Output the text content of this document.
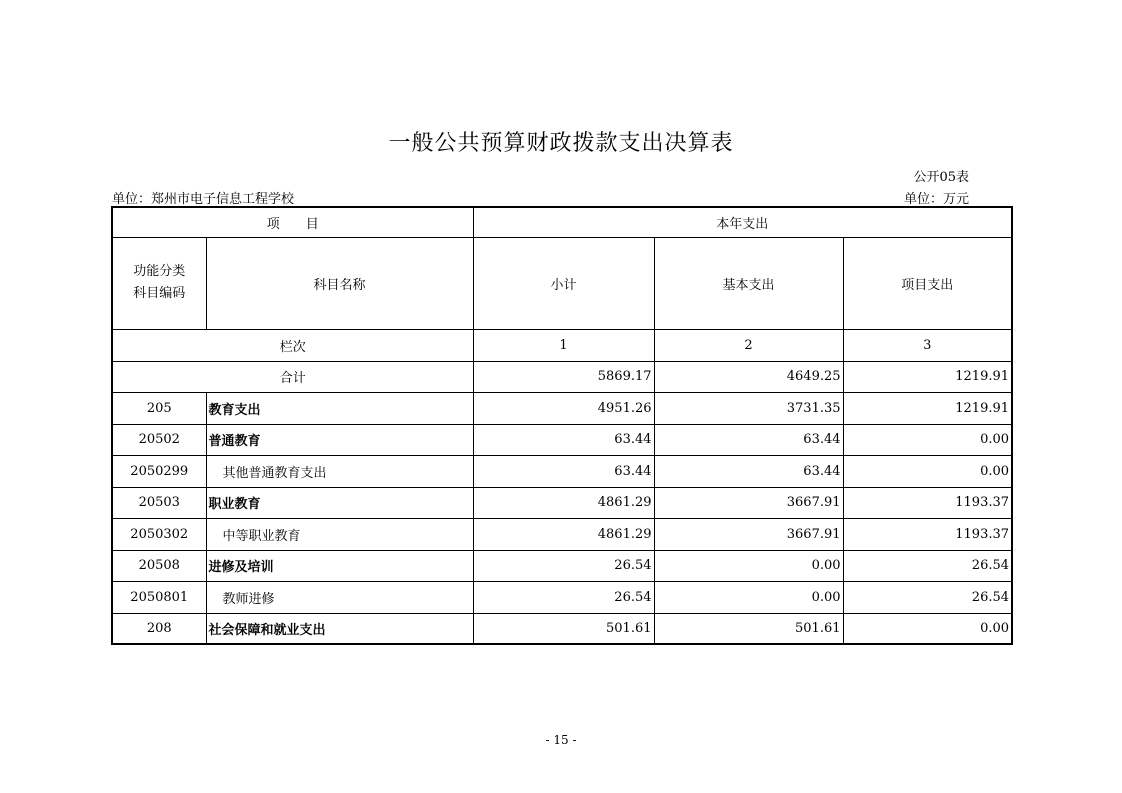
一般公共预算财政拨款支出决算表
公开05表
单位：郑州市电子信息工程学校	单位：万元
项　　目		本年支出		

功能分类
科目编码	科目名称	小计	基本支出	项目支出
栏次		1	2	3
合计		5869.17	4649.25	1219.91
205	教育支出	4951.26	3731.35	1219.91
20502	普通教育	63.44	63.44	0.00
2050299	其他普通教育支出	63.44	63.44	0.00
20503	职业教育	4861.29	3667.91	1193.37
2050302	中等职业教育	4861.29	3667.91	1193.37
20508	进修及培训	26.54	0.00	26.54
2050801	教师进修	26.54	0.00	26.54
208	社会保障和就业支出	501.61	501.61	0.00
- 15 -
